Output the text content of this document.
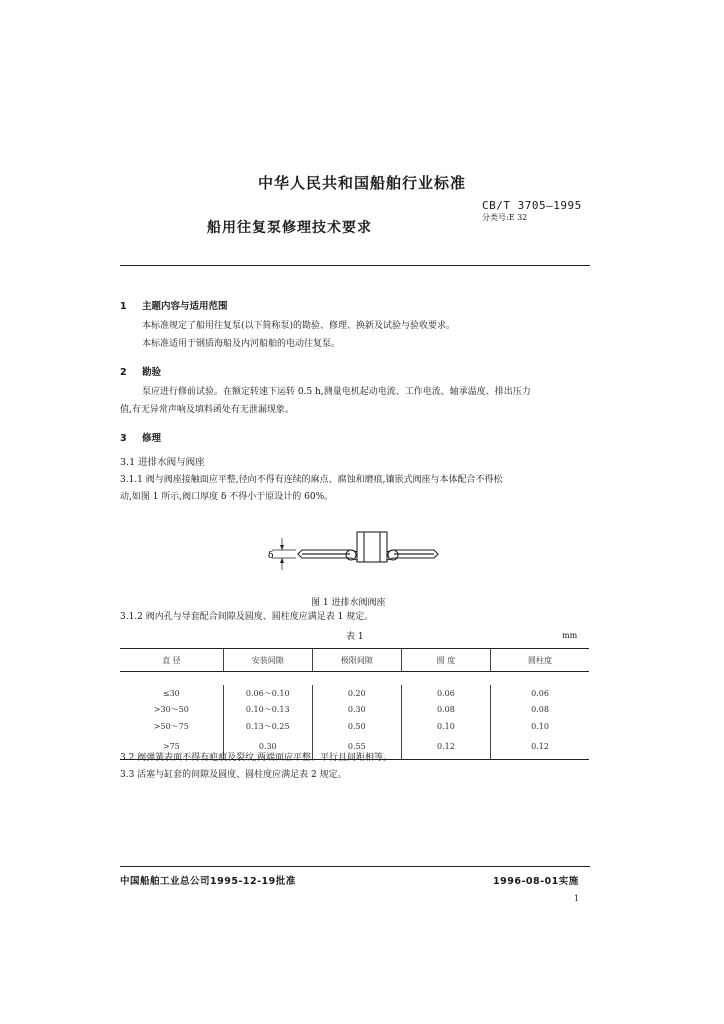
中华人民共和国船舶行业标准
CB/T 3705—1995
分类号:E 32
船用往复泵修理技术要求
1 主题内容与适用范围
本标准规定了船用往复泵(以下简称泵)的勘验、修理、换新及试验与验收要求。
本标准适用于钢质海船及内河船舶的电动往复泵。
2 勘验
泵应进行修前试验。在额定转速下运转 0.5 h,测量电机起动电流、工作电流、轴承温度、排出压力
值,有无异常声响及填料函处有无泄漏现象。
3 修理
3.1 进排水阀与阀座
3.1.1 阀与阀座接触面应平整,径向不得有连续的麻点、腐蚀和磨痕,镶嵌式阀座与本体配合不得松
动,如图 1 所示,阀口厚度 δ 不得小于原设计的 60%。
δ
图 1 进排水阀阀座
3.1.2 阀内孔与导套配合间隙及圆度、圆柱度应满足表 1 规定。
表 1	mm
直 径	安装间隙	极限间隙	圆 度	圆柱度

≤30	0.06～0.10	0.20	0.06	0.06
>30～50	0.10～0.13	0.30	0.08	0.08
>50～75	0.13～0.25	0.50	0.10	0.10
>75	0.30	0.55	0.12	0.12
3.2 阀弹簧表面不得有疤痕及裂纹,两端面应平整、平行且间距相等。
3.3 活塞与缸套的间隙及圆度、圆柱度应满足表 2 规定。
中国船舶工业总公司1995-12-19批准	1996-08-01实施
1
